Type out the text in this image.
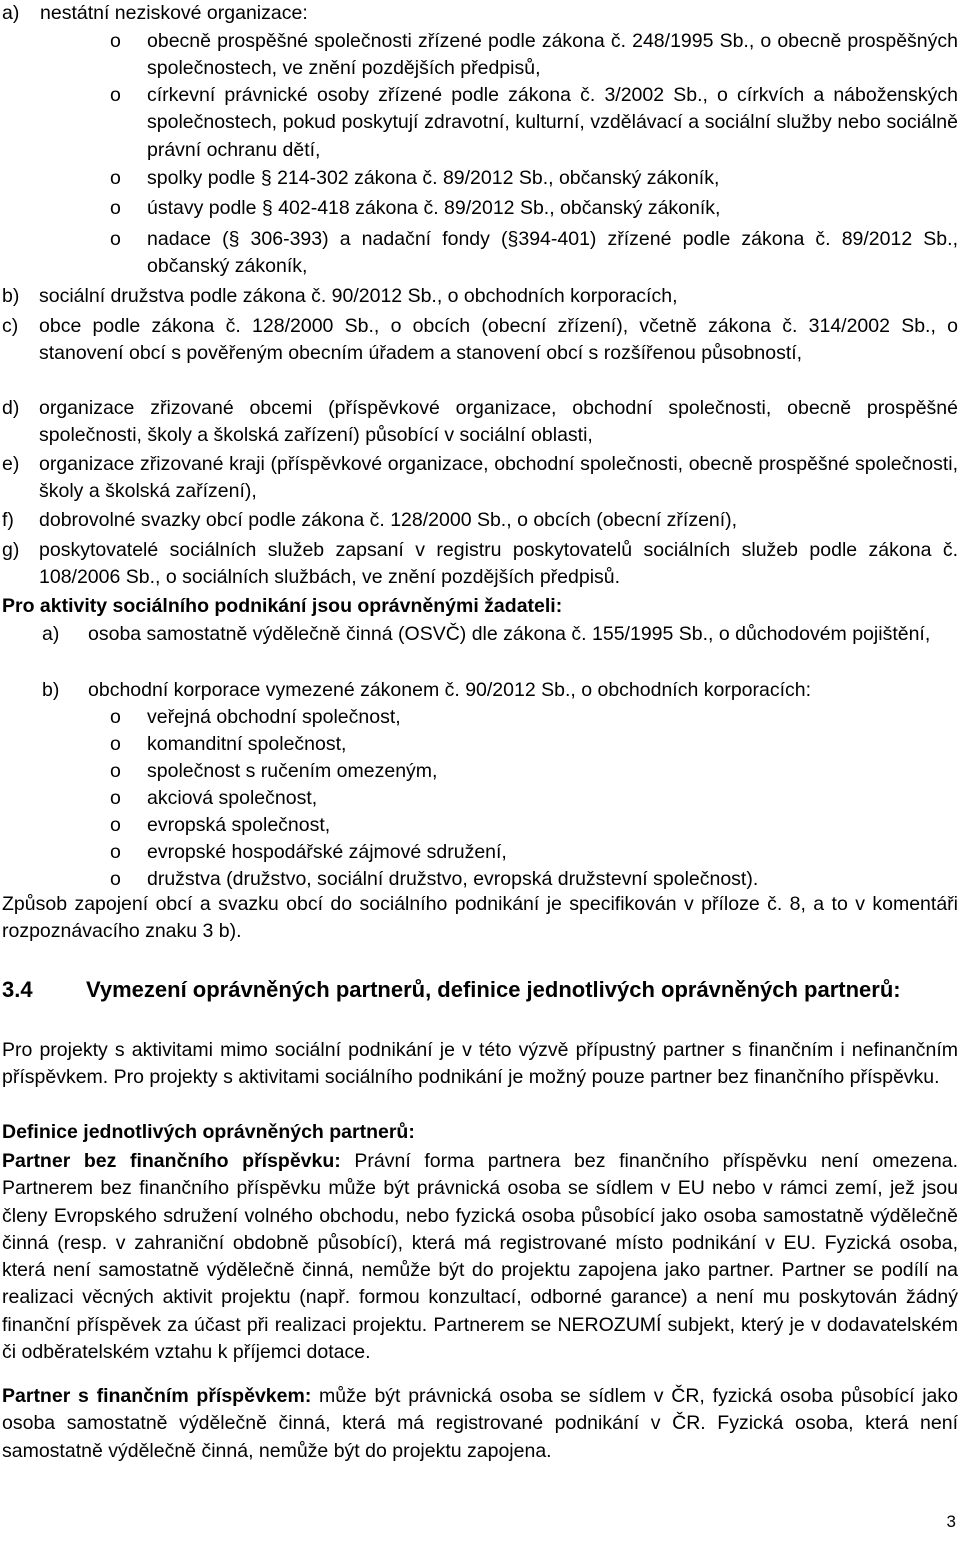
a)	nestátní neziskové organizace:
o	obecně prospěšné společnosti zřízené podle zákona č. 248/1995 Sb., o obecně prospěšných společnostech, ve znění pozdějších předpisů,
o	církevní právnické osoby zřízené podle zákona č. 3/2002 Sb., o církvích a náboženských společnostech, pokud poskytují zdravotní, kulturní, vzdělávací a sociální služby nebo sociálně právní ochranu dětí,
o	spolky podle § 214-302 zákona č. 89/2012 Sb., občanský zákoník,
o	ústavy podle § 402-418 zákona č. 89/2012 Sb., občanský zákoník,
o	nadace (§ 306-393) a nadační fondy (§394-401) zřízené podle zákona č. 89/2012 Sb., občanský zákoník,
b)	sociální družstva podle zákona č. 90/2012 Sb., o obchodních korporacích,
c)	obce podle zákona č. 128/2000 Sb., o obcích (obecní zřízení), včetně zákona č. 314/2002 Sb., o stanovení obcí s pověřeným obecním úřadem a stanovení obcí s rozšířenou působností,
d)	organizace zřizované obcemi (příspěvkové organizace, obchodní společnosti, obecně prospěšné společnosti, školy a školská zařízení) působící v sociální oblasti,
e)	organizace zřizované kraji (příspěvkové organizace, obchodní společnosti, obecně prospěšné společnosti, školy a školská zařízení),
f)	dobrovolné svazky obcí podle zákona č. 128/2000 Sb., o obcích (obecní zřízení),
g)	poskytovatelé sociálních služeb zapsaní v registru poskytovatelů sociálních služeb podle zákona č. 108/2006 Sb., o sociálních službách, ve znění pozdějších předpisů.
Pro aktivity sociálního podnikání jsou oprávněnými žadateli:
a)	osoba samostatně výdělečně činná (OSVČ) dle zákona č. 155/1995 Sb., o důchodovém pojištění,
b)	obchodní korporace vymezené zákonem č. 90/2012 Sb., o obchodních korporacích:
o	veřejná obchodní společnost,
o	komanditní společnost,
o	společnost s ručením omezeným,
o	akciová společnost,
o	evropská společnost,
o	evropské hospodářské zájmové sdružení,
o	družstva (družstvo, sociální družstvo, evropská družstevní společnost).
Způsob zapojení obcí a svazku obcí do sociálního podnikání je specifikován v příloze č. 8, a to v komentáři rozpoznávacího znaku 3 b).
3.4	Vymezení oprávněných partnerů, definice jednotlivých oprávněných partnerů:
Pro projekty s aktivitami mimo sociální podnikání je v této výzvě přípustný partner s finančním i nefinančním příspěvkem. Pro projekty s aktivitami sociálního podnikání je možný pouze partner bez finančního příspěvku.
Definice jednotlivých oprávněných partnerů:
Partner bez finančního příspěvku: Právní forma partnera bez finančního příspěvku není omezena. Partnerem bez finančního příspěvku může být právnická osoba se sídlem v EU nebo v rámci zemí, jež jsou členy Evropského sdružení volného obchodu, nebo fyzická osoba působící jako osoba samostatně výdělečně činná (resp. v zahraniční obdobně působící), která má registrované místo podnikání v EU. Fyzická osoba, která není samostatně výdělečně činná, nemůže být do projektu zapojena jako partner. Partner se podílí na realizaci věcných aktivit projektu (např. formou konzultací, odborné garance) a není mu poskytován žádný finanční příspěvek za účast při realizaci projektu. Partnerem se NEROZUMÍ subjekt, který je v dodavatelském či odběratelském vztahu k příjemci dotace.
Partner s finančním příspěvkem: může být právnická osoba se sídlem v ČR, fyzická osoba působící jako osoba samostatně výdělečně činná, která má registrované podnikání v ČR. Fyzická osoba, která není samostatně výdělečně činná, nemůže být do projektu zapojena.
3
